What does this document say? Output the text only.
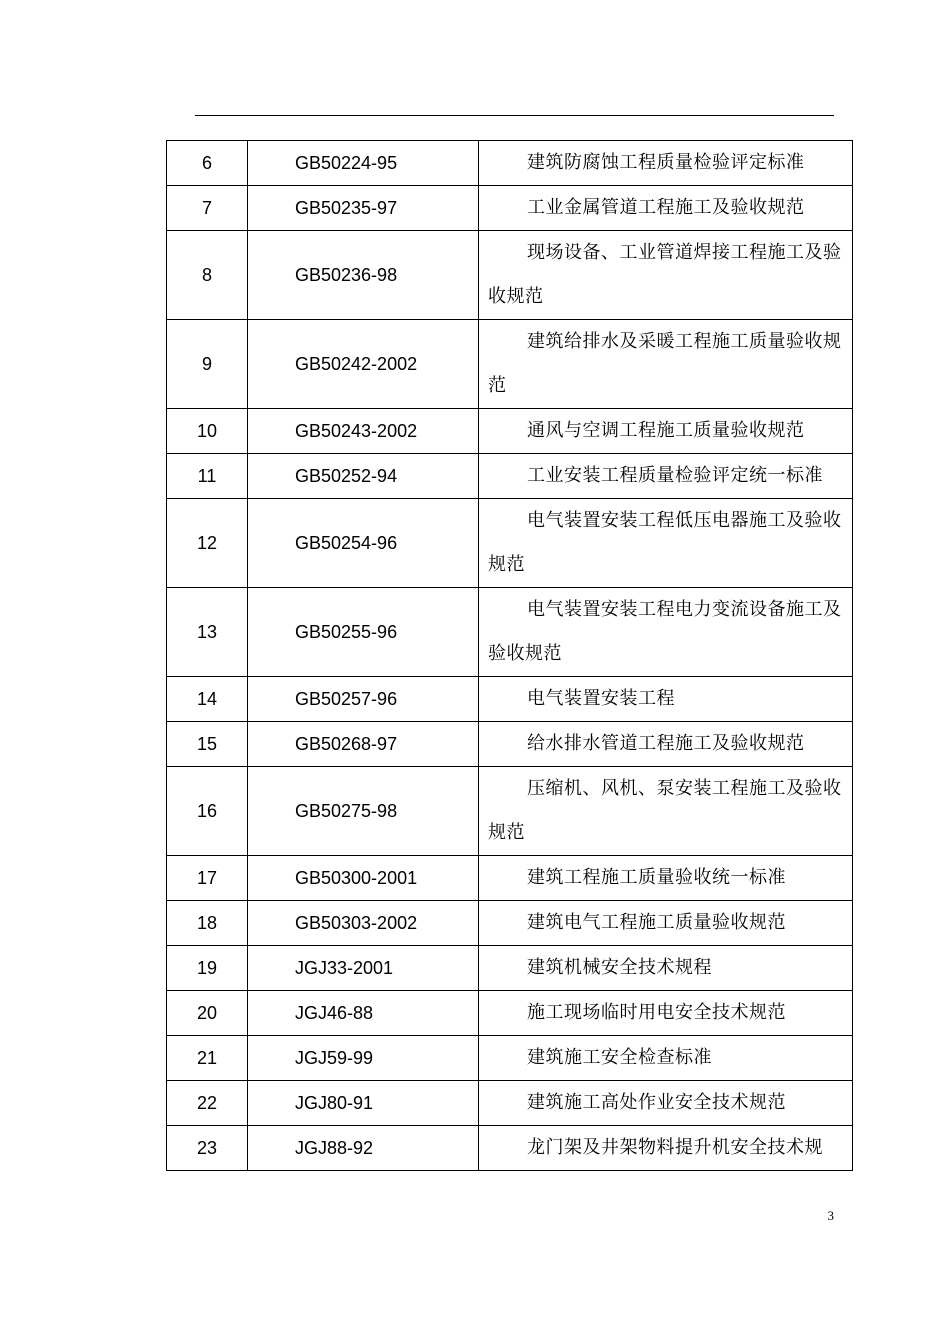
6	GB50224-95	建筑防腐蚀工程质量检验评定标准
7	GB50235-97	工业金属管道工程施工及验收规范
8	GB50236-98	现场设备、工业管道焊接工程施工及验收规范
9	GB50242-2002	建筑给排水及采暖工程施工质量验收规范
10	GB50243-2002	通风与空调工程施工质量验收规范
11	GB50252-94	工业安装工程质量检验评定统一标准
12	GB50254-96	电气装置安装工程低压电器施工及验收规范
13	GB50255-96	电气装置安装工程电力变流设备施工及验收规范
14	GB50257-96	电气装置安装工程
15	GB50268-97	给水排水管道工程施工及验收规范
16	GB50275-98	压缩机、风机、泵安装工程施工及验收规范
17	GB50300-2001	建筑工程施工质量验收统一标准
18	GB50303-2002	建筑电气工程施工质量验收规范
19	JGJ33-2001	建筑机械安全技术规程
20	JGJ46-88	施工现场临时用电安全技术规范
21	JGJ59-99	建筑施工安全检查标准
22	JGJ80-91	建筑施工高处作业安全技术规范
23	JGJ88-92	龙门架及井架物料提升机安全技术规
3
